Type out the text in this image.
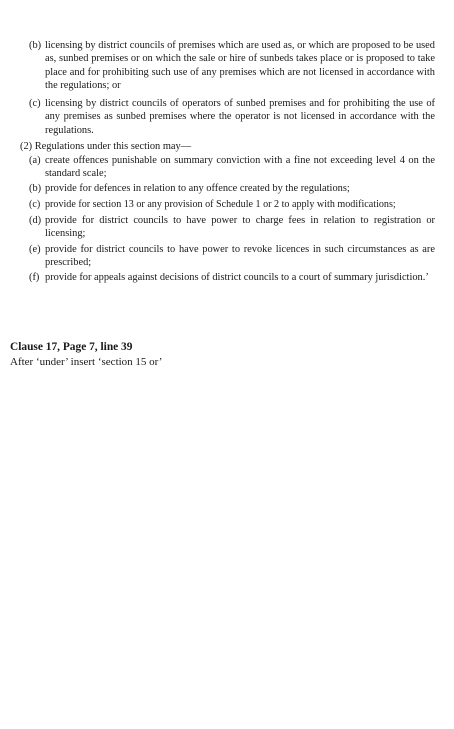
(b) licensing by district councils of premises which are used as, or which are proposed to be used as, sunbed premises or on which the sale or hire of sunbeds takes place or is proposed to take place and for prohibiting such use of any premises which are not licensed in accordance with the regulations; or
(c) licensing by district councils of operators of sunbed premises and for prohibiting the use of any premises as sunbed premises where the operator is not licensed in accordance with the regulations.
(2) Regulations under this section may—
(a) create offences punishable on summary conviction with a fine not exceeding level 4 on the standard scale;
(b) provide for defences in relation to any offence created by the regulations;
(c) provide for section 13 or any provision of Schedule 1 or 2 to apply with modifications;
(d) provide for district councils to have power to charge fees in relation to registration or licensing;
(e) provide for district councils to have power to revoke licences in such circumstances as are prescribed;
(f) provide for appeals against decisions of district councils to a court of summary jurisdiction.’
Clause 17, Page 7, line 39
After ‘under’ insert ‘section 15 or’
